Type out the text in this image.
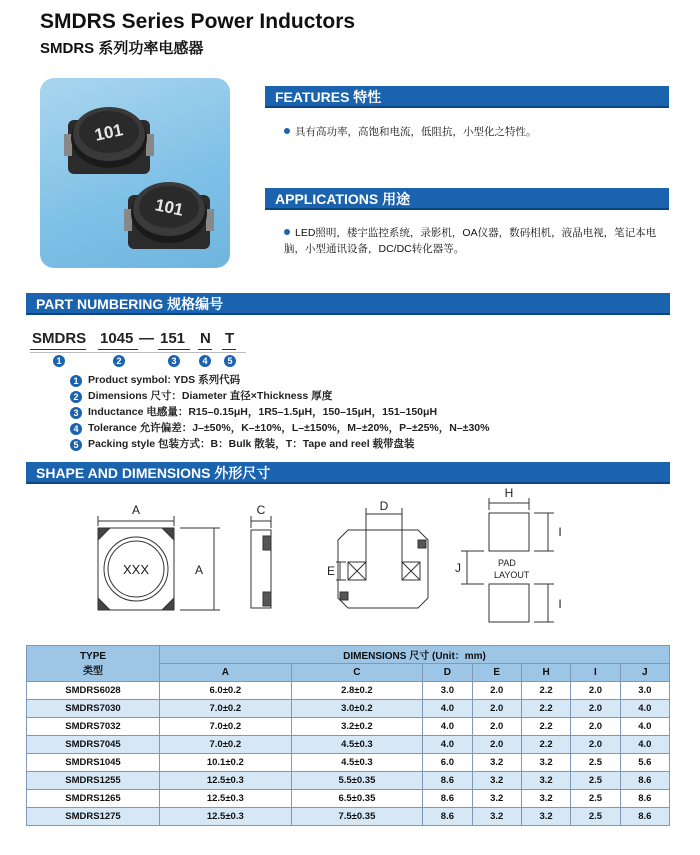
SMDRS Series Power Inductors
SMDRS 系列功率电感器
101
101
FEATURES 特性
具有高功率，高饱和电流，低阻抗，小型化之特性。
APPLICATIONS 用途
LED照明，楼宇监控系统，录影机，OA仪器，数码相机，液晶电视，笔记本电脑，小型通讯设备，DC/DC转化器等。
PART NUMBERING 规格编号
SMDRS 1045 — 151 N T
1	2	3	4	5
1 Product symbol: YDS 系列代码
2 Dimensions 尺寸：Diameter 直径×Thickness 厚度
3 Inductance 电感量：R15–0.15μH，1R5–1.5μH，150–15μH，151–150μH
4 Tolerance 允许偏差：J–±50%，K–±10%，L–±150%，M–±20%，P–±25%，N–±30%
5 Packing style 包装方式：B：Bulk 散装，T：Tape and reel 载带盘装
SHAPE AND DIMENSIONS 外形尺寸
A
A
XXX
C	D
E
H
I
I
J	PAD
LAYOUT
TYPE
类型	DIMENSIONS 尺寸 (Unit：mm)						
	A	C	D	E	H	I	J
SMDRS6028	6.0±0.2	2.8±0.2	3.0	2.0	2.2	2.0	3.0
SMDRS7030	7.0±0.2	3.0±0.2	4.0	2.0	2.2	2.0	4.0
SMDRS7032	7.0±0.2	3.2±0.2	4.0	2.0	2.2	2.0	4.0
SMDRS7045	7.0±0.2	4.5±0.3	4.0	2.0	2.2	2.0	4.0
SMDRS1045	10.1±0.2	4.5±0.3	6.0	3.2	3.2	2.5	5.6
SMDRS1255	12.5±0.3	5.5±0.35	8.6	3.2	3.2	2.5	8.6
SMDRS1265	12.5±0.3	6.5±0.35	8.6	3.2	3.2	2.5	8.6
SMDRS1275	12.5±0.3	7.5±0.35	8.6	3.2	3.2	2.5	8.6
